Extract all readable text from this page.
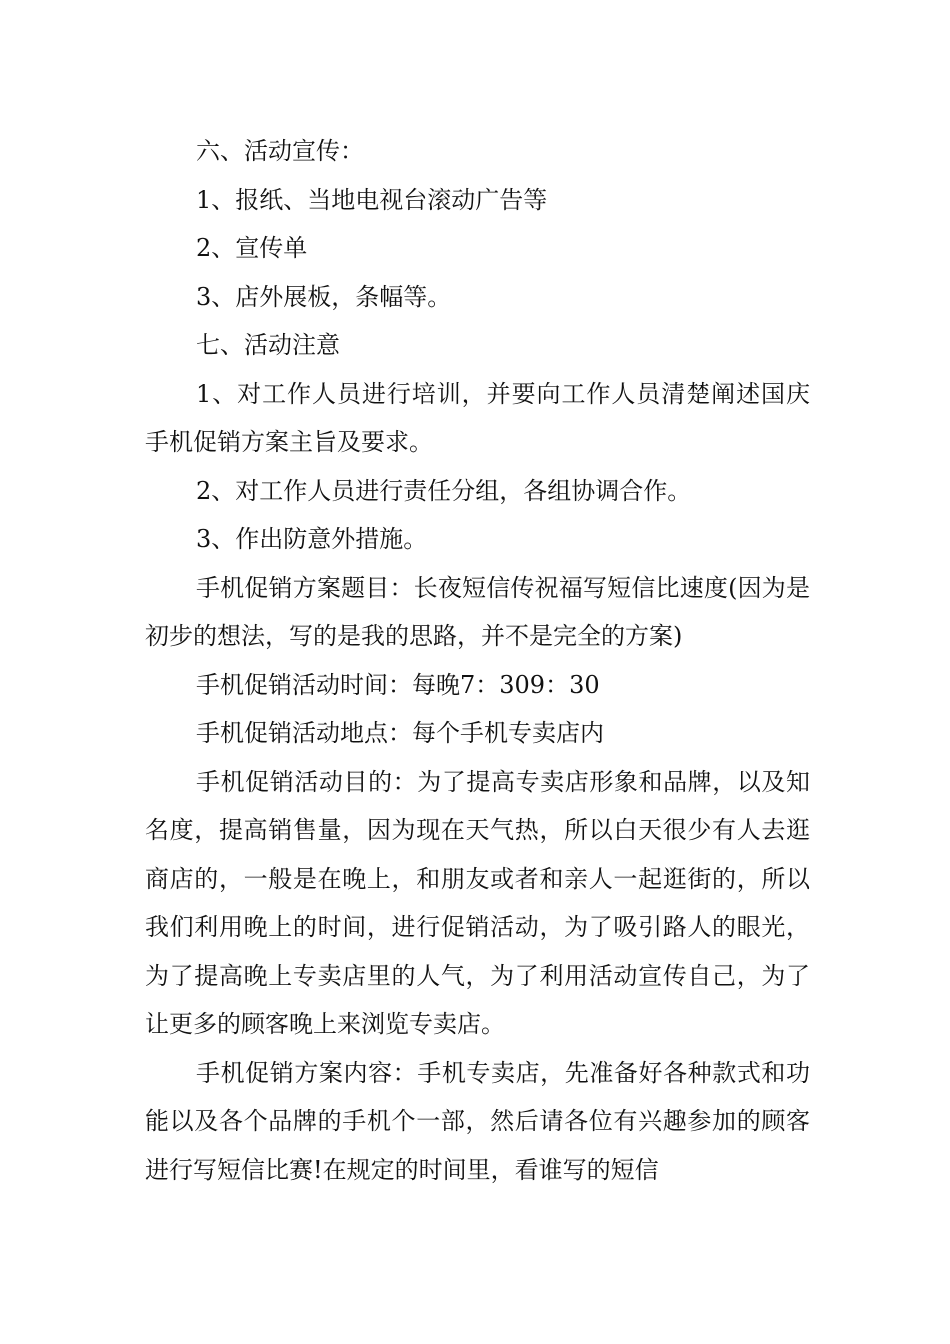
六、活动宣传：

1、报纸、当地电视台滚动广告等

2、宣传单

3、店外展板，条幅等。

七、活动注意

1、对工作人员进行培训，并要向工作人员清楚阐述国庆手机促销方案主旨及要求。

2、对工作人员进行责任分组，各组协调合作。

3、作出防意外措施。

手机促销方案题目：长夜短信传祝福写短信比速度(因为是初步的想法，写的是我的思路，并不是完全的方案)

手机促销活动时间：每晚7：309：30

手机促销活动地点：每个手机专卖店内

手机促销活动目的：为了提高专卖店形象和品牌，以及知名度，提高销售量，因为现在天气热，所以白天很少有人去逛商店的，一般是在晚上，和朋友或者和亲人一起逛街的，所以我们利用晚上的时间，进行促销活动，为了吸引路人的眼光，为了提高晚上专卖店里的人气，为了利用活动宣传自己，为了让更多的顾客晚上来浏览专卖店。

手机促销方案内容：手机专卖店，先准备好各种款式和功能以及各个品牌的手机个一部，然后请各位有兴趣参加的顾客进行写短信比赛!在规定的时间里，看谁写的短信
